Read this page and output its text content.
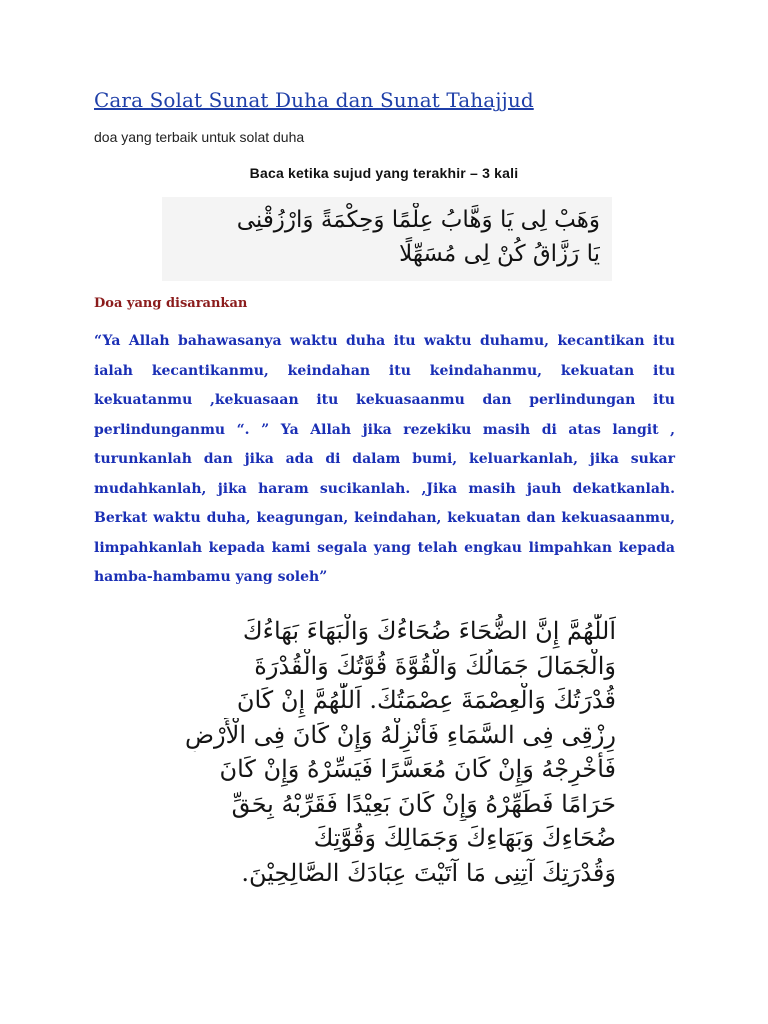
Cara Solat Sunat Duha dan Sunat Tahajjud
doa yang terbaik untuk solat duha
Baca ketika sujud yang terakhir – 3 kali
وَهَبْ لِى يَا وَهَّابُ عِلْمًا وَحِكْمَةً وَارْزُقْنِى
يَا رَزَّاقُ كُنْ لِى مُسَهِّلًا
Doa yang disarankan

“Ya Allah bahawasanya waktu duha itu waktu duhamu, kecantikan itu ialah kecantikanmu, keindahan itu keindahanmu, kekuatan itu kekuatanmu ,kekuasaan itu kekuasaanmu dan perlindungan itu perlindunganmu “. ” Ya Allah jika rezekiku masih di atas langit , turunkanlah dan jika ada di dalam bumi, keluarkanlah, jika sukar mudahkanlah, jika haram sucikanlah. ,Jika masih jauh dekatkanlah. Berkat waktu duha, keagungan, keindahan, kekuatan dan kekuasaanmu, limpahkanlah kepada kami segala yang telah engkau limpahkan kepada hamba-hambamu yang soleh”

اَللّٰهُمَّ إِنَّ الضُّحَاءَ ضُحَاءُكَ وَالْبَهَاءَ بَهَاءُكَ
وَالْجَمَالَ جَمَالُكَ وَالْقُوَّةَ قُوَّتُكَ وَالْقُدْرَةَ
قُدْرَتُكَ وَالْعِصْمَةَ عِصْمَتُكَ. اَللّٰهُمَّ إِنْ كَانَ
رِزْقِى فِى السَّمَاءِ فَأَنْزِلْهُ وَإِنْ كَانَ فِى الْأَرْضِ
فَأَخْرِجْهُ وَإِنْ كَانَ مُعَسَّرًا فَيَسِّرْهُ وَإِنْ كَانَ
حَرَامًا فَطَهِّرْهُ وَإِنْ كَانَ بَعِيْدًا فَقَرِّبْهُ بِحَقِّ
ضُحَاءِكَ وَبَهَاءِكَ وَجَمَالِكَ وَقُوَّتِكَ
وَقُدْرَتِكَ آتِنِى مَا آتَيْتَ عِبَادَكَ الصَّالِحِيْنَ.
